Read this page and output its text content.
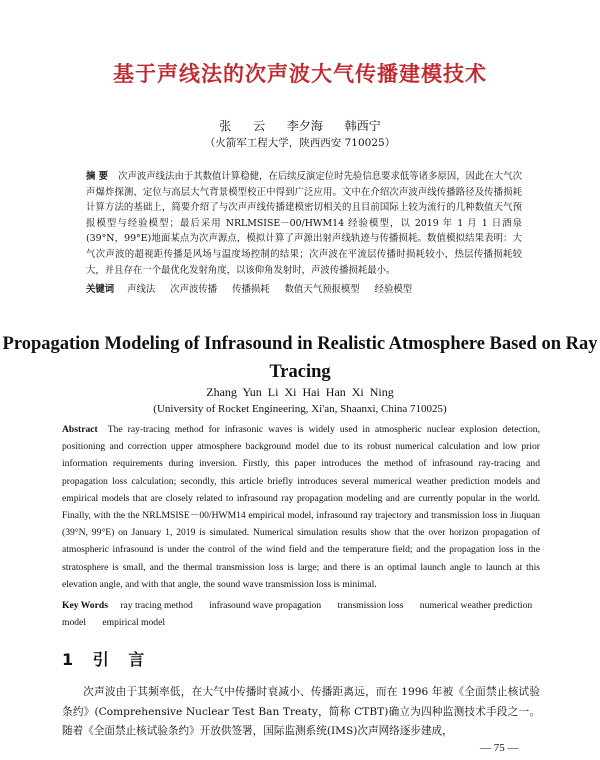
基于声线法的次声波大气传播建模技术
张 云 李夕海 韩西宁
（火箭军工程大学，陕西西安 710025）
摘 要 次声波声线法由于其数值计算稳健，在后续反演定位时先验信息要求低等诸多原因，因此在大气次声爆炸探测、定位与高层大气背景模型校正中得到广泛应用。文中在介绍次声波声线传播路径及传播损耗计算方法的基础上，简要介绍了与次声声线传播建模密切相关的且目前国际上较为流行的几种数值天气预报模型与经验模型；最后采用 NRLMSISE－00/HWM14 经验模型，以 2019 年 1 月 1 日酒泉(39°N，99°E)地面某点为次声源点，模拟计算了声源出射声线轨迹与传播损耗。数值模拟结果表明：大气次声波的超视距传播是风场与温度场控制的结果；次声波在平流层传播时损耗较小，热层传播损耗较大，并且存在一个最优化发射角度，以该仰角发射时，声波传播损耗最小。
关键词 声线法 次声波传播 传播损耗 数值天气预报模型 经验模型
Propagation Modeling of Infrasound in Realistic Atmosphere Based on Ray Tracing
Zhang Yun Li Xi Hai Han Xi Ning
(University of Rocket Engineering, Xi'an, Shaanxi, China 710025)
Abstract The ray-tracing method for infrasonic waves is widely used in atmospheric nuclear explosion detection, positioning and correction upper atmosphere background model due to its robust numerical calculation and low prior information requirements during inversion. Firstly, this paper introduces the method of infrasound ray-tracing and propagation loss calculation; secondly, this article briefly introduces several numerical weather prediction models and empirical models that are closely related to infrasound ray propagation modeling and are currently popular in the world. Finally, with the the NRLMSISE－00/HWM14 empirical model, infrasound ray trajectory and transmission loss in Jiuquan (39°N, 99°E) on January 1, 2019 is simulated. Numerical simulation results show that the over horizon propagation of atmospheric infrasound is under the control of the wind field and the temperature field; and the propagation loss in the stratosphere is small, and the thermal transmission loss is large; and there is an optimal launch angle to launch at this elevation angle, and with that angle, the sound wave transmission loss is minimal.
Key Words ray tracing method infrasound wave propagation transmission loss numerical weather prediction model empirical model
1 引 言
次声波由于其频率低，在大气中传播时衰减小、传播距离远，而在 1996 年被《全面禁止核试验条约》(Comprehensive Nuclear Test Ban Treaty，简称 CTBT)确立为四种监测技术手段之一。随着《全面禁止核试验条约》开放供签署，国际监测系统(IMS)次声网络逐步建成，
— 75 —
